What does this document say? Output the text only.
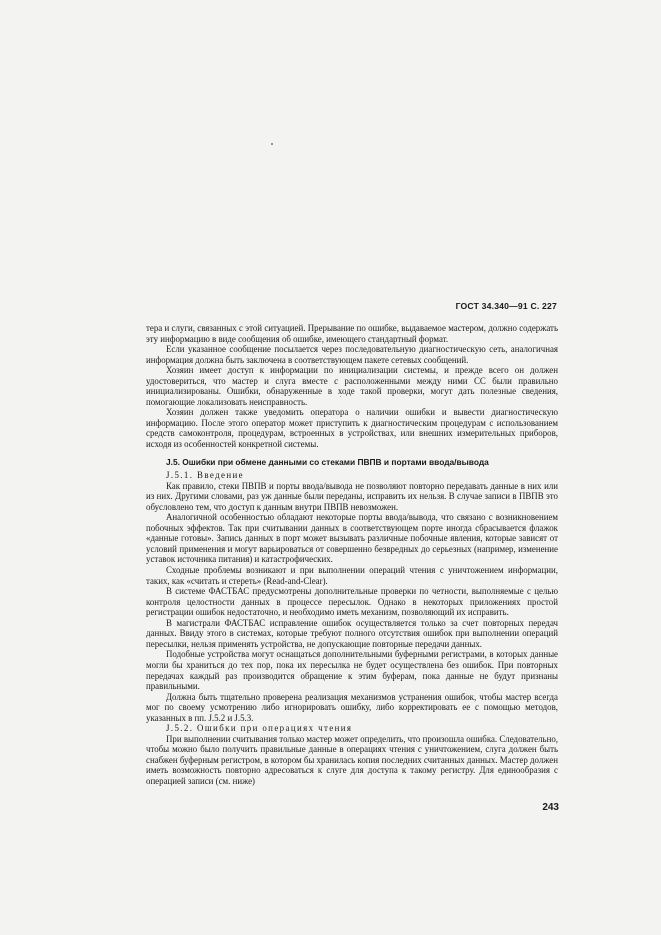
ГОСТ 34.340—91 С. 227

тера и слуги, связанных с этой ситуацией. Прерывание по ошибке, выдаваемое мастером, должно содержать эту информацию в виде сообщения об ошибке, имеющего стандартный формат.

Если указанное сообщение посылается через последовательную диагностическую сеть, аналогичная информация должна быть заключена в соответствующем пакете сетевых сообщений.

Хозяин имеет доступ к информации по инициализации системы, и прежде всего он должен удостовериться, что мастер и слуга вместе с расположенными между ними СС были правильно инициализированы. Ошибки, обнаруженные в ходе такой проверки, могут дать полезные сведения, помогающие локализовать неисправность.

Хозяин должен также уведомить оператора о наличии ошибки и вывести диагностическую информацию. После этого оператор может приступить к диагностическим процедурам с использованием средств самоконтроля, процедурам, встроенных в устройствах, или внешних измерительных приборов, исходя из особенностей конкретной системы.

J.5. Ошибки при обмене данными со стеками ПВПВ и портами ввода/вывода

J.5.1. Введение

Как правило, стеки ПВПВ и порты ввода/вывода не позволяют повторно передавать данные в них или из них. Другими словами, раз уж данные были переданы, исправить их нельзя. В случае записи в ПВПВ это обусловлено тем, что доступ к данным внутри ПВПВ невозможен.

Аналогичной особенностью обладают некоторые порты ввода/вывода, что связано с возникновением побочных эффектов. Так при считывании данных в соответствующем порте иногда сбрасывается флажок «данные готовы». Запись данных в порт может вызывать различные побочные явления, которые зависят от условий применения и могут варьироваться от совершенно безвредных до серьезных (например, изменение уставок источника питания) и катастрофических.

Сходные проблемы возникают и при выполнении операций чтения с уничтожением информации, таких, как «считать и стереть» (Read-and-Clear).

В системе ФАСТБАС предусмотрены дополнительные проверки по четности, выполняемые с целью контроля целостности данных в процессе пересылок. Однако в некоторых приложениях простой регистрации ошибок недостаточно, и необходимо иметь механизм, позволяющий их исправить.

В магистрали ФАСТБАС исправление ошибок осуществляется только за счет повторных передач данных. Ввиду этого в системах, которые требуют полного отсутствия ошибок при выполнении операций пересылки, нельзя применять устройства, не допускающие повторные передачи данных.

Подобные устройства могут оснащаться дополнительными буферными регистрами, в которых данные могли бы храниться до тех пор, пока их пересылка не будет осуществлена без ошибок. При повторных передачах каждый раз производится обращение к этим буферам, пока данные не будут признаны правильными.

Должна быть тщательно проверена реализация механизмов устранения ошибок, чтобы мастер всегда мог по своему усмотрению либо игнорировать ошибку, либо корректировать ее с помощью методов, указанных в пп. J.5.2 и J.5.3.

J.5.2. Ошибки при операциях чтения

При выполнении считывания только мастер может определить, что произошла ошибка. Следовательно, чтобы можно было получить правильные данные в операциях чтения с уничтожением, слуга должен быть снабжен буферным регистром, в котором бы хранилась копия последних считанных данных. Мастер должен иметь возможность повторно адресоваться к слуге для доступа к такому регистру. Для единообразия с операцией записи (см. ниже)

243
